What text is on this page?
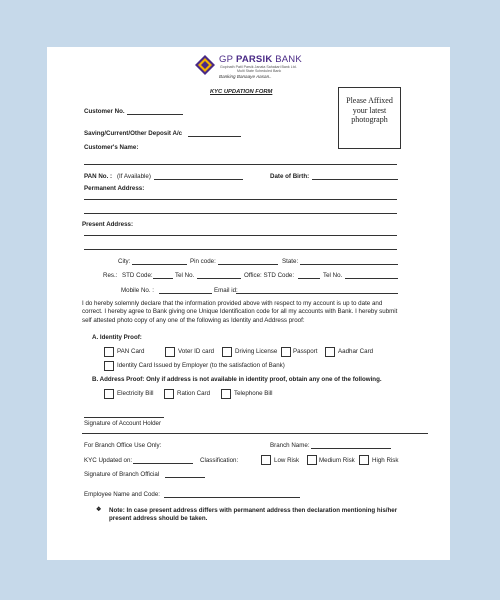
GP PARSIK BANK
Gopinath Patil Parsik Janata Sahakari Bank Ltd.
Multi State Scheduled Bank
Banking Banaaye Aasan..
KYC UPDATION FORM
Please Affixed your latest photograph
Customer No.
Saving/Current/Other Deposit A/c
Customer's Name:
PAN No. : (If Available)	Date of Birth:
Permanent Address:
Present Address:
City:	Pin code:	State:
Res.: STD Code:	Tel No.	Office: STD Code:	Tel No.
Mobile No. :	Email id:
I do hereby solemnly declare that the information provided above with respect to my account is up to date and correct. I hereby agree to Bank giving one Unique Identification code for all my accounts with Bank. I hereby submit self attested photo copy of any one of the following as Identity and Address proof:
A. Identity Proof:
PAN Card	Voter ID card	Driving License	Passport	Aadhar Card
Identity Card Issued by Employer (to the satisfaction of Bank)
B. Address Proof: Only if address is not available in identity proof, obtain any one of the following.
Electricity Bill	Ration Card	Telephone Bill
Signature of Account Holder
For Branch Office Use Only:	Branch Name:
KYC Updated on:	Classification:	Low Risk	Medium Risk	High Risk
Signature of Branch Official
Employee Name and Code:
❖ Note: In case present address differs with permanent address then declaration mentioning his/her present address should be taken.
